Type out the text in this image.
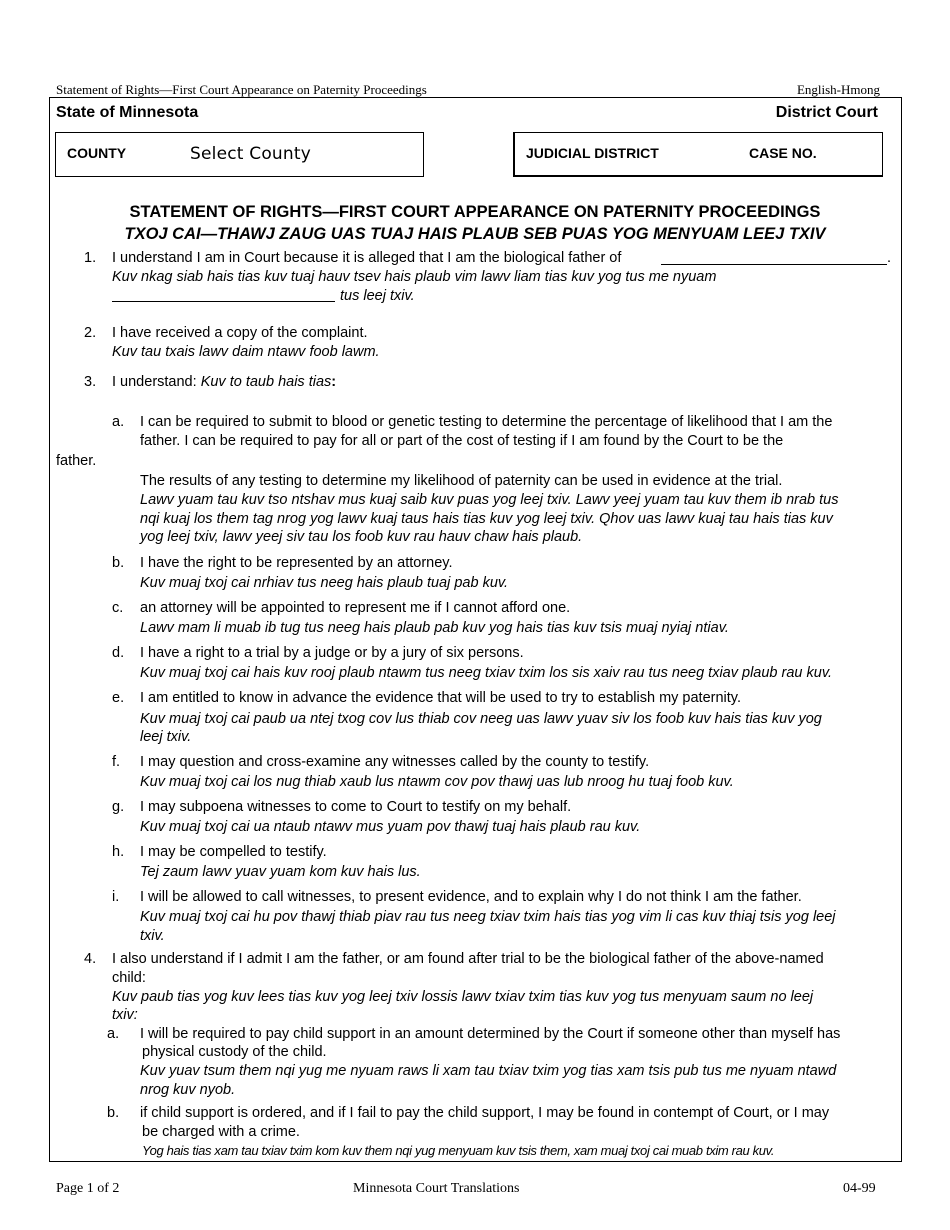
Statement of Rights—First Court Appearance on Paternity Proceedings	English-Hmong
State of Minnesota	District Court
COUNTY	Select County	JUDICIAL DISTRICT	CASE NO.
STATEMENT OF RIGHTS—FIRST COURT APPEARANCE ON PATERNITY PROCEEDINGS
TXOJ CAI—THAWJ ZAUG UAS TUAJ HAIS PLAUB SEB PUAS YOG MENYUAM LEEJ TXIV
1. I understand I am in Court because it is alleged that I am the biological father of	.
Kuv nkag siab hais tias kuv tuaj hauv tsev hais plaub vim lawv liam tias kuv yog tus me nyuam
tus leej txiv.
2. I have received a copy of the complaint.
Kuv tau txais lawv daim ntawv foob lawm.
3. I understand: Kuv to taub hais tias:
a. I can be required to submit to blood or genetic testing to determine the percentage of likelihood that I am the
father. I can be required to pay for all or part of the cost of testing if I am found by the Court to be the
father.
The results of any testing to determine my likelihood of paternity can be used in evidence at the trial.
Lawv yuam tau kuv tso ntshav mus kuaj saib kuv puas yog leej txiv. Lawv yeej yuam tau kuv them ib nrab tus
nqi kuaj los them tag nrog yog lawv kuaj taus hais tias kuv yog leej txiv. Qhov uas lawv kuaj tau hais tias kuv
yog leej txiv, lawv yeej siv tau los foob kuv rau hauv chaw hais plaub.
b. I have the right to be represented by an attorney.
Kuv muaj txoj cai nrhiav tus neeg hais plaub tuaj pab kuv.
c. an attorney will be appointed to represent me if I cannot afford one.
Lawv mam li muab ib tug tus neeg hais plaub pab kuv yog hais tias kuv tsis muaj nyiaj ntiav.
d. I have a right to a trial by a judge or by a jury of six persons.
Kuv muaj txoj cai hais kuv rooj plaub ntawm tus neeg txiav txim los sis xaiv rau tus neeg txiav plaub rau kuv.
e. I am entitled to know in advance the evidence that will be used to try to establish my paternity.
Kuv muaj txoj cai paub ua ntej txog cov lus thiab cov neeg uas lawv yuav siv los foob kuv hais tias kuv yog
leej txiv.
f. I may question and cross-examine any witnesses called by the county to testify.
Kuv muaj txoj cai los nug thiab xaub lus ntawm cov pov thawj uas lub nroog hu tuaj foob kuv.
g. I may subpoena witnesses to come to Court to testify on my behalf.
Kuv muaj txoj cai ua ntaub ntawv mus yuam pov thawj tuaj hais plaub rau kuv.
h. I may be compelled to testify.
Tej zaum lawv yuav yuam kom kuv hais lus.
i. I will be allowed to call witnesses, to present evidence, and to explain why I do not think I am the father.
Kuv muaj txoj cai hu pov thawj thiab piav rau tus neeg txiav txim hais tias yog vim li cas kuv thiaj tsis yog leej
txiv.
4. I also understand if I admit I am the father, or am found after trial to be the biological father of the above-named
child:
Kuv paub tias yog kuv lees tias kuv yog leej txiv lossis lawv txiav txim tias kuv yog tus menyuam saum no leej
txiv:
a. I will be required to pay child support in an amount determined by the Court if someone other than myself has
physical custody of the child.
Kuv yuav tsum them nqi yug me nyuam raws li xam tau txiav txim yog tias xam tsis pub tus me nyuam ntawd
nrog kuv nyob.
b. if child support is ordered, and if I fail to pay the child support, I may be found in contempt of Court, or I may
be charged with a crime.
Yog hais tias xam tau txiav txim kom kuv them nqi yug menyuam kuv tsis them, xam muaj txoj cai muab txim rau kuv.
Page 1 of 2	Minnesota Court Translations	04-99
